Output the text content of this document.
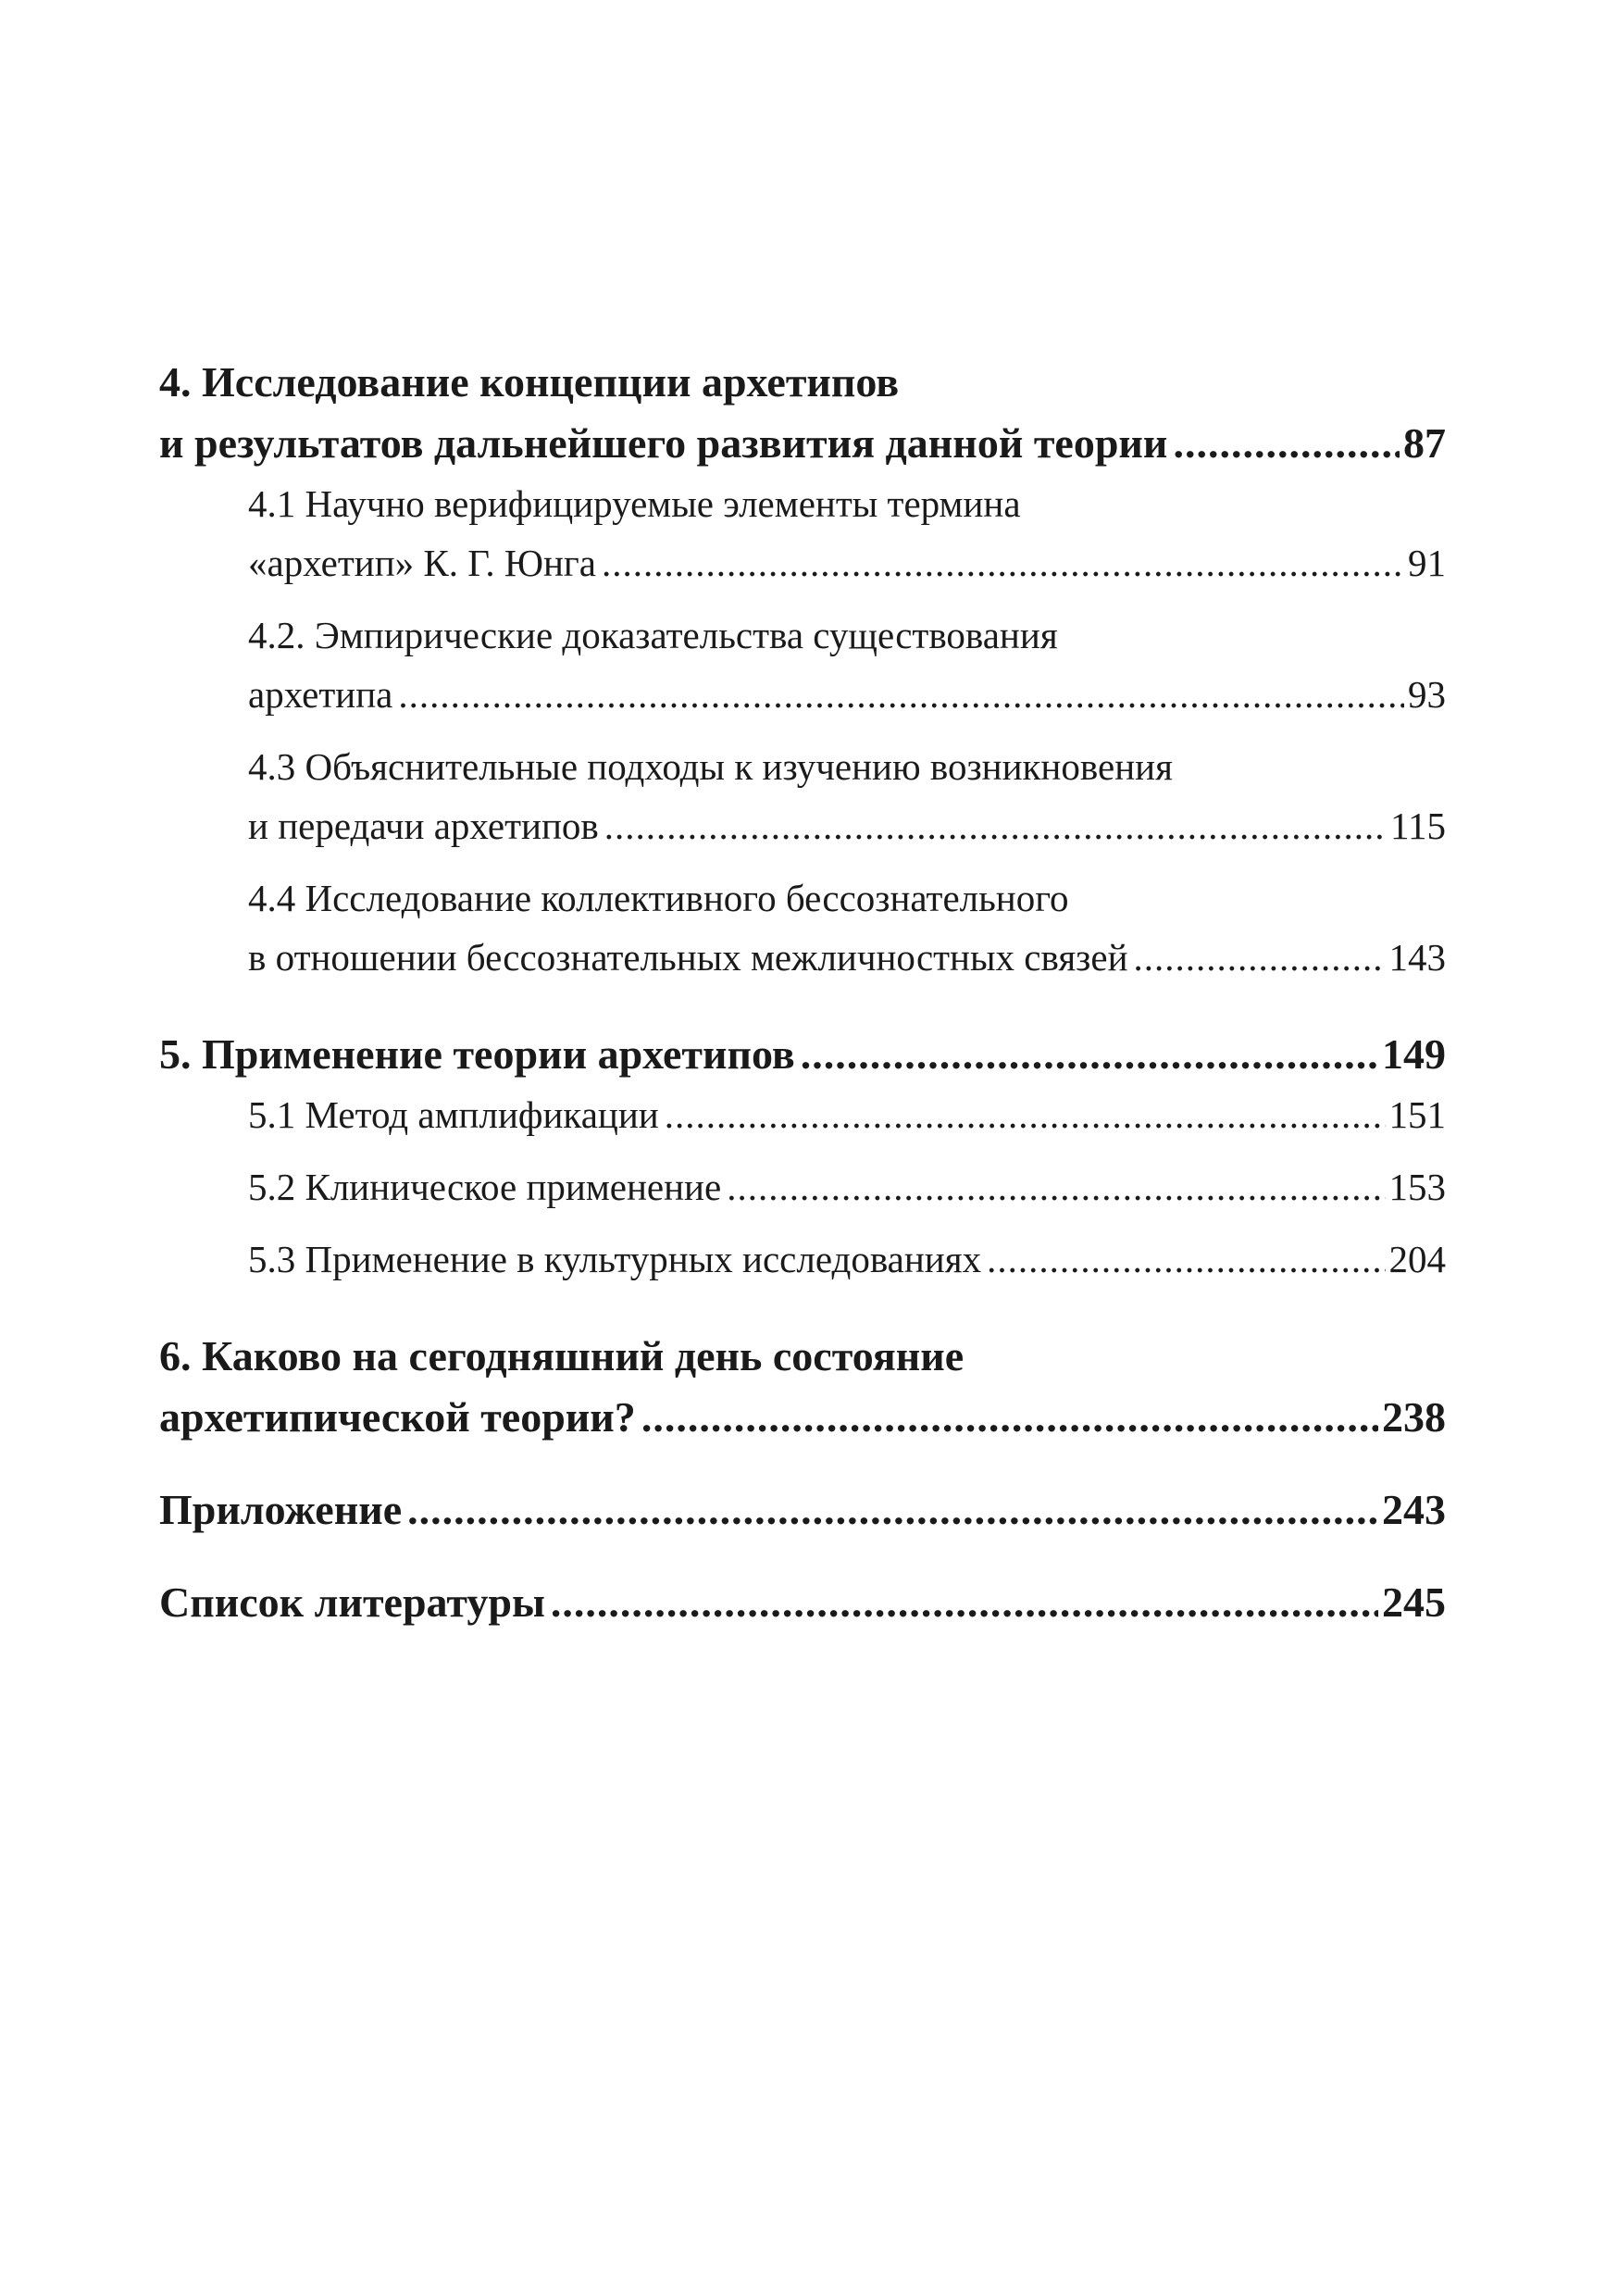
4. Исследование концепции архетипов
и результатов дальнейшего развития данной теории .....	87
4.1 Научно верифицируемые элементы термина
«архетип» К. Г. Юнга .....	91
4.2. Эмпирические доказательства существования
архетипа .....	93
4.3 Объяснительные подходы к изучению возникновения
и передачи архетипов .....	115
4.4 Исследование коллективного бессознательного
в отношении бессознательных межличностных связей .....	143
5. Применение теории архетипов .....	149
5.1 Метод амплификации .....	151
5.2 Клиническое применение .....	153
5.3 Применение в культурных исследованиях .....	204
6. Каково на сегодняшний день состояние
архетипической теории? .....	238
Приложение .....	243
Список литературы .....	245
